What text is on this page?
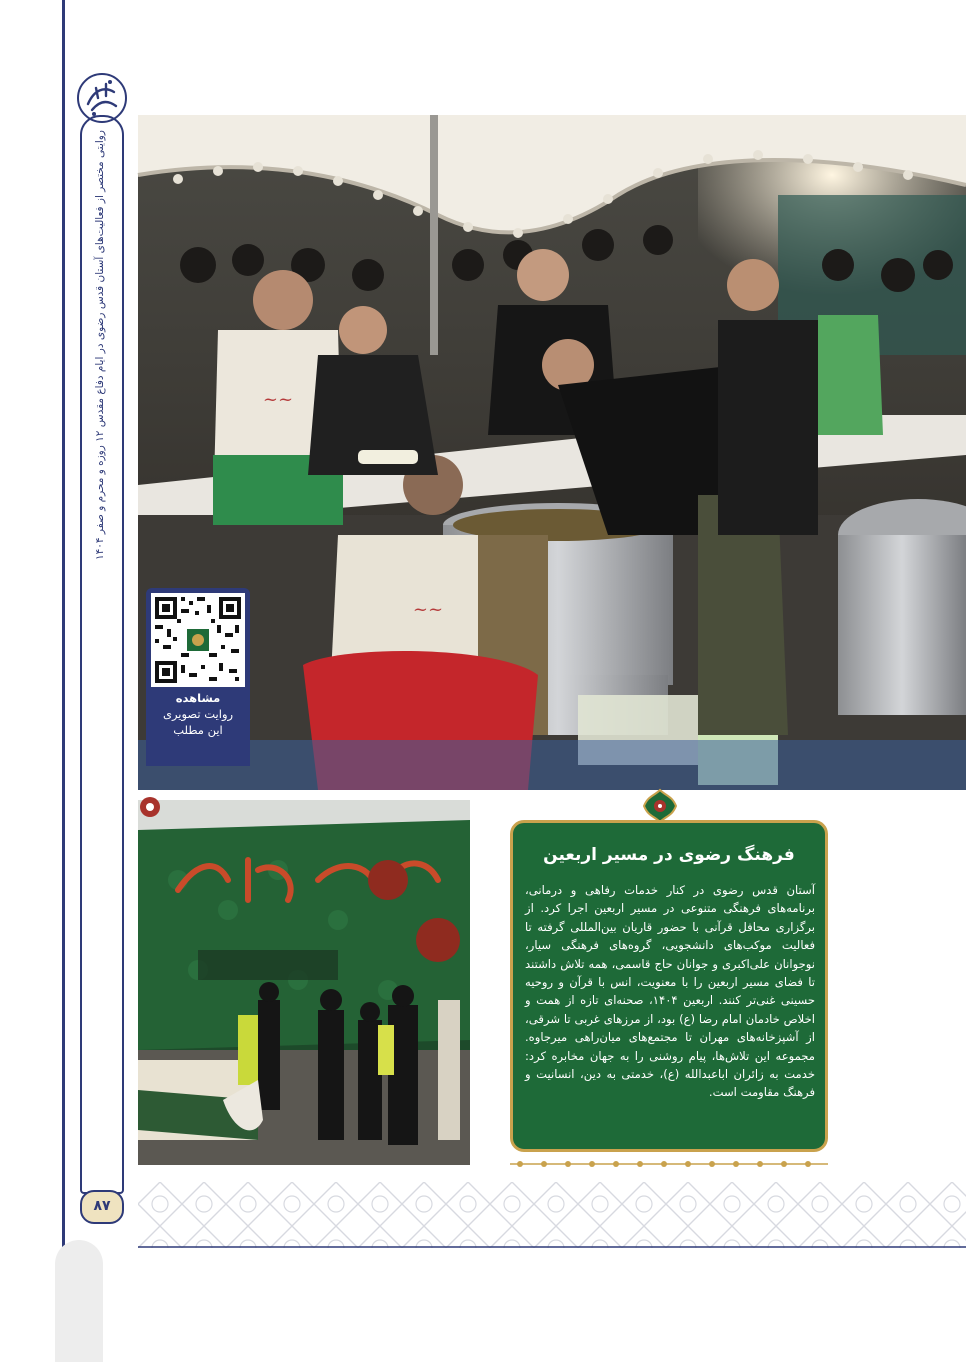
روایتی مختصر از فعالیت‌های آستان قدس رضوی در ایام دفاع مقدس ۱۲ روزه و محرم و صفر ۱۴۰۴
۸۷
~~
~~
مشاهده
روایت تصویری
این مطلب
فرهنگ رضوی در مسیر اربعین
آستان قدس رضوی در کنار خدمات رفاهی و درمانی، برنامه‌های فرهنگی متنوعی در مسیر اربعین اجرا کرد. از برگزاری محافل قرآنی با حضور قاریان بین‌المللی گرفته تا فعالیت موکب‌های دانشجویی، گروه‌های فرهنگی سیار، نوجوانان علی‌اکبری و جوانان حاج قاسمی، همه تلاش داشتند تا فضای مسیر اربعین را با معنویت، انس با قرآن و روحیه حسینی غنی‌تر کنند. اربعین ۱۴۰۴، صحنه‌ای تازه از همت و اخلاص خادمان امام رضا (ع) بود، از مرزهای غربی تا شرقی، از آشپزخانه‌های مهران تا مجتمع‌های میان‌راهی میرجاوه. مجموعه این تلاش‌ها، پیام روشنی را به جهان مخابره کرد: خدمت به زائران اباعبدالله (ع)، خدمتی به دین، انسانیت و فرهنگ مقاومت است.
